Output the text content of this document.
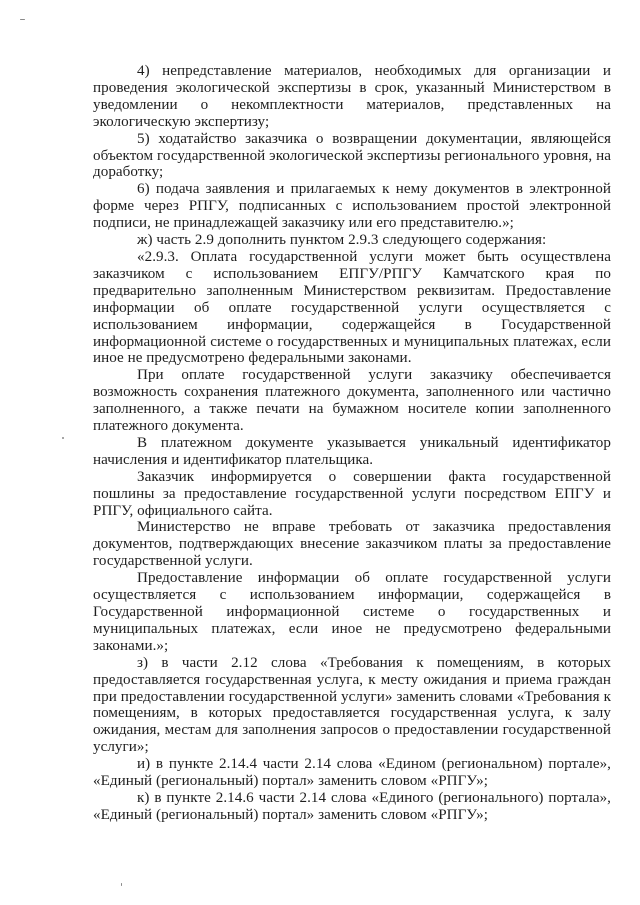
4) непредставление материалов, необходимых для организации и проведения экологической экспертизы в срок, указанный Министерством в уведомлении о некомплектности материалов, представленных на экологическую экспертизу;

5) ходатайство заказчика о возвращении документации, являющейся объектом государственной экологической экспертизы регионального уровня, на доработку;

6) подача заявления и прилагаемых к нему документов в электронной форме через РПГУ, подписанных с использованием простой электронной подписи, не принадлежащей заказчику или его представителю.»;

ж) часть 2.9 дополнить пунктом 2.9.3 следующего содержания:

«2.9.3. Оплата государственной услуги может быть осуществлена заказчиком с использованием ЕПГУ/РПГУ Камчатского края по предварительно заполненным Министерством реквизитам. Предоставление информации об оплате государственной услуги осуществляется с использованием информации, содержащейся в Государственной информационной системе о государственных и муниципальных платежах, если иное не предусмотрено федеральными законами.

При оплате государственной услуги заказчику обеспечивается возможность сохранения платежного документа, заполненного или частично заполненного, а также печати на бумажном носителе копии заполненного платежного документа.

В платежном документе указывается уникальный идентификатор начисления и идентификатор плательщика.

Заказчик информируется о совершении факта государственной пошлины за предоставление государственной услуги посредством ЕПГУ и РПГУ, официального сайта.

Министерство не вправе требовать от заказчика предоставления документов, подтверждающих внесение заказчиком платы за предоставление государственной услуги.

Предоставление информации об оплате государственной услуги осуществляется с использованием информации, содержащейся в Государственной информационной системе о государственных и муниципальных платежах, если иное не предусмотрено федеральными законами.»;

з) в части 2.12 слова «Требования к помещениям, в которых предоставляется государственная услуга, к месту ожидания и приема граждан при предоставлении государственной услуги» заменить словами «Требования к помещениям, в которых предоставляется государственная услуга, к залу ожидания, местам для заполнения запросов о предоставлении государственной услуги»;

и) в пункте 2.14.4 части 2.14 слова «Едином (региональном) портале», «Единый (региональный) портал» заменить словом «РПГУ»;

к) в пункте 2.14.6 части 2.14 слова «Единого (регионального) портала», «Единый (региональный) портал» заменить словом «РПГУ»;
